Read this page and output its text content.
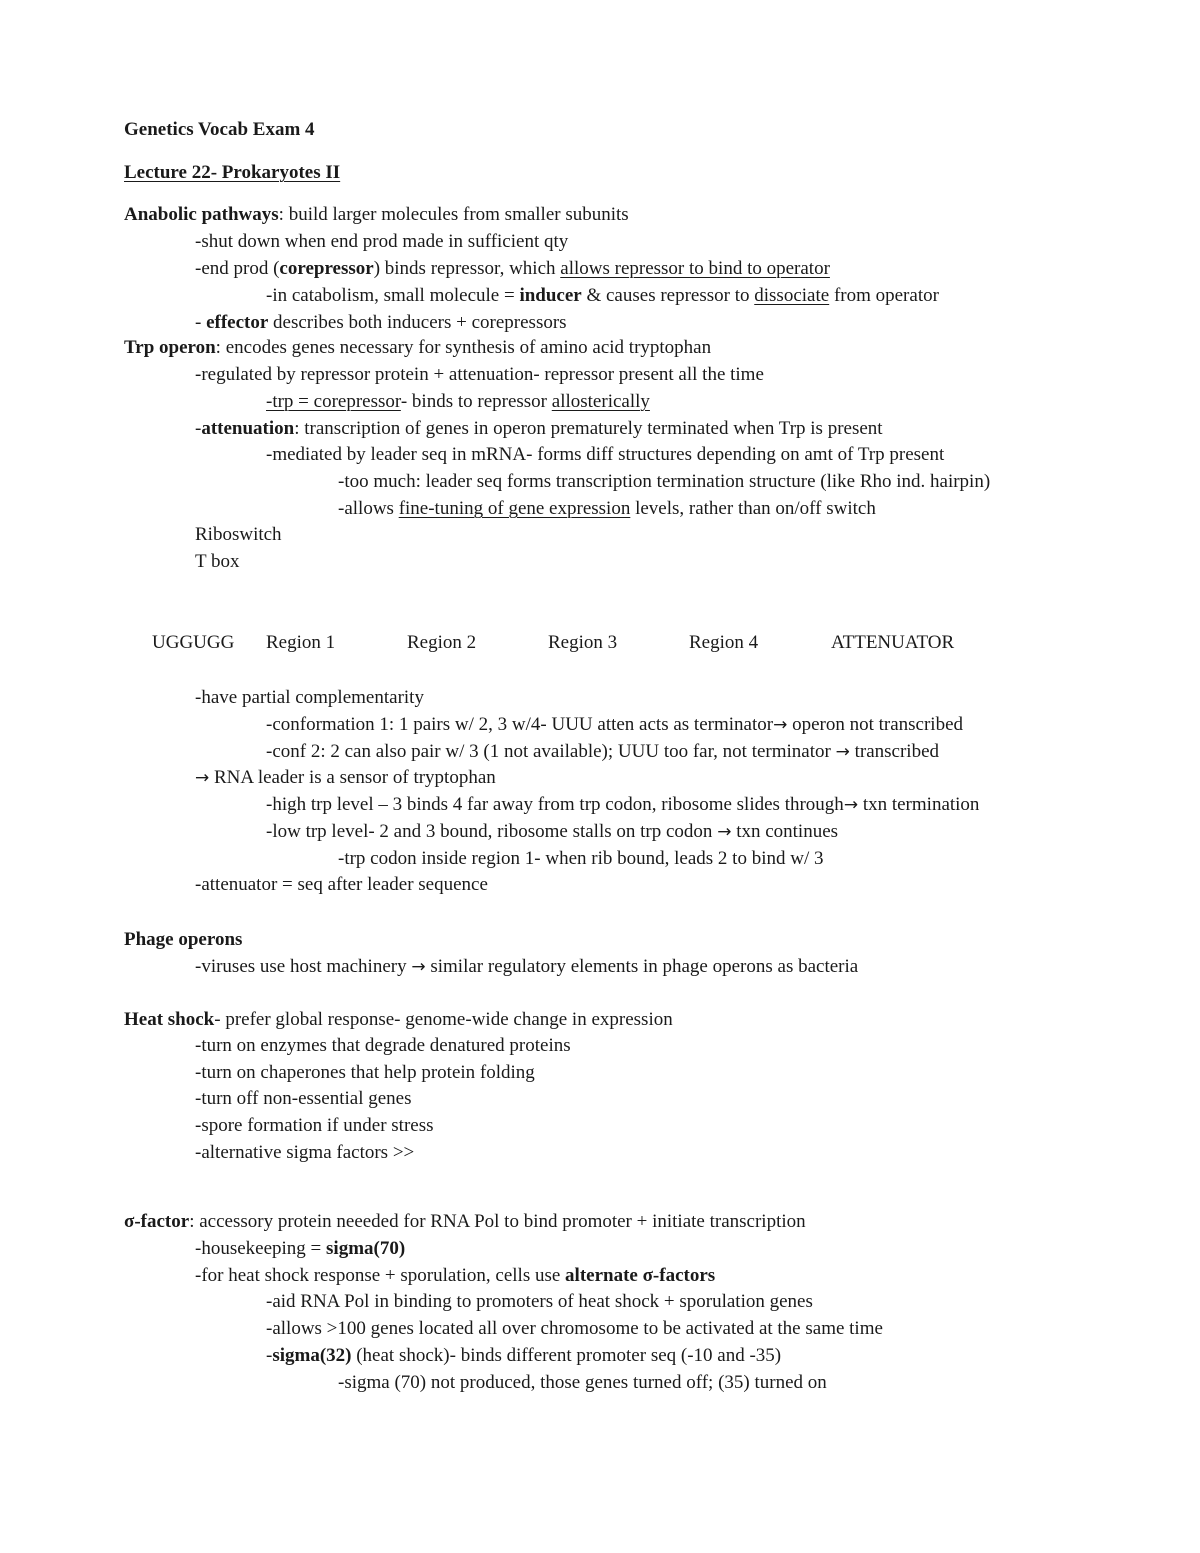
Genetics Vocab Exam 4
Lecture 22- Prokaryotes II
Anabolic pathways: build larger molecules from smaller subunits
-shut down when end prod made in sufficient qty
-end prod (corepressor) binds repressor, which allows repressor to bind to operator
-in catabolism, small molecule = inducer & causes repressor to dissociate from operator
- effector describes both inducers + corepressors
Trp operon: encodes genes necessary for synthesis of amino acid tryptophan
-regulated by repressor protein + attenuation- repressor present all the time
-trp = corepressor- binds to repressor allosterically
-attenuation: transcription of genes in operon prematurely terminated when Trp is present
-mediated by leader seq in mRNA- forms diff structures depending on amt of Trp present
-too much: leader seq forms transcription termination structure (like Rho ind. hairpin)
-allows fine-tuning of gene expression levels, rather than on/off switch
Riboswitch
T box
UGGUGG Region 1	Region 2	Region 3	Region 4	ATTENUATOR
-have partial complementarity
-conformation 1: 1 pairs w/ 2, 3 w/4- UUU atten acts as terminator→ operon not transcribed
-conf 2: 2 can also pair w/ 3 (1 not available); UUU too far, not terminator → transcribed
→ RNA leader is a sensor of tryptophan
-high trp level – 3 binds 4 far away from trp codon, ribosome slides through→ txn termination
-low trp level- 2 and 3 bound, ribosome stalls on trp codon → txn continues
-trp codon inside region 1- when rib bound, leads 2 to bind w/ 3
-attenuator = seq after leader sequence
Phage operons
-viruses use host machinery → similar regulatory elements in phage operons as bacteria
Heat shock- prefer global response- genome-wide change in expression
-turn on enzymes that degrade denatured proteins
-turn on chaperones that help protein folding
-turn off non-essential genes
-spore formation if under stress
-alternative sigma factors >>
σ-factor: accessory protein neeeded for RNA Pol to bind promoter + initiate transcription
-housekeeping = sigma(70)
-for heat shock response + sporulation, cells use alternate σ-factors
-aid RNA Pol in binding to promoters of heat shock + sporulation genes
-allows >100 genes located all over chromosome to be activated at the same time
-sigma(32) (heat shock)- binds different promoter seq (-10 and -35)
-sigma (70) not produced, those genes turned off; (35) turned on
